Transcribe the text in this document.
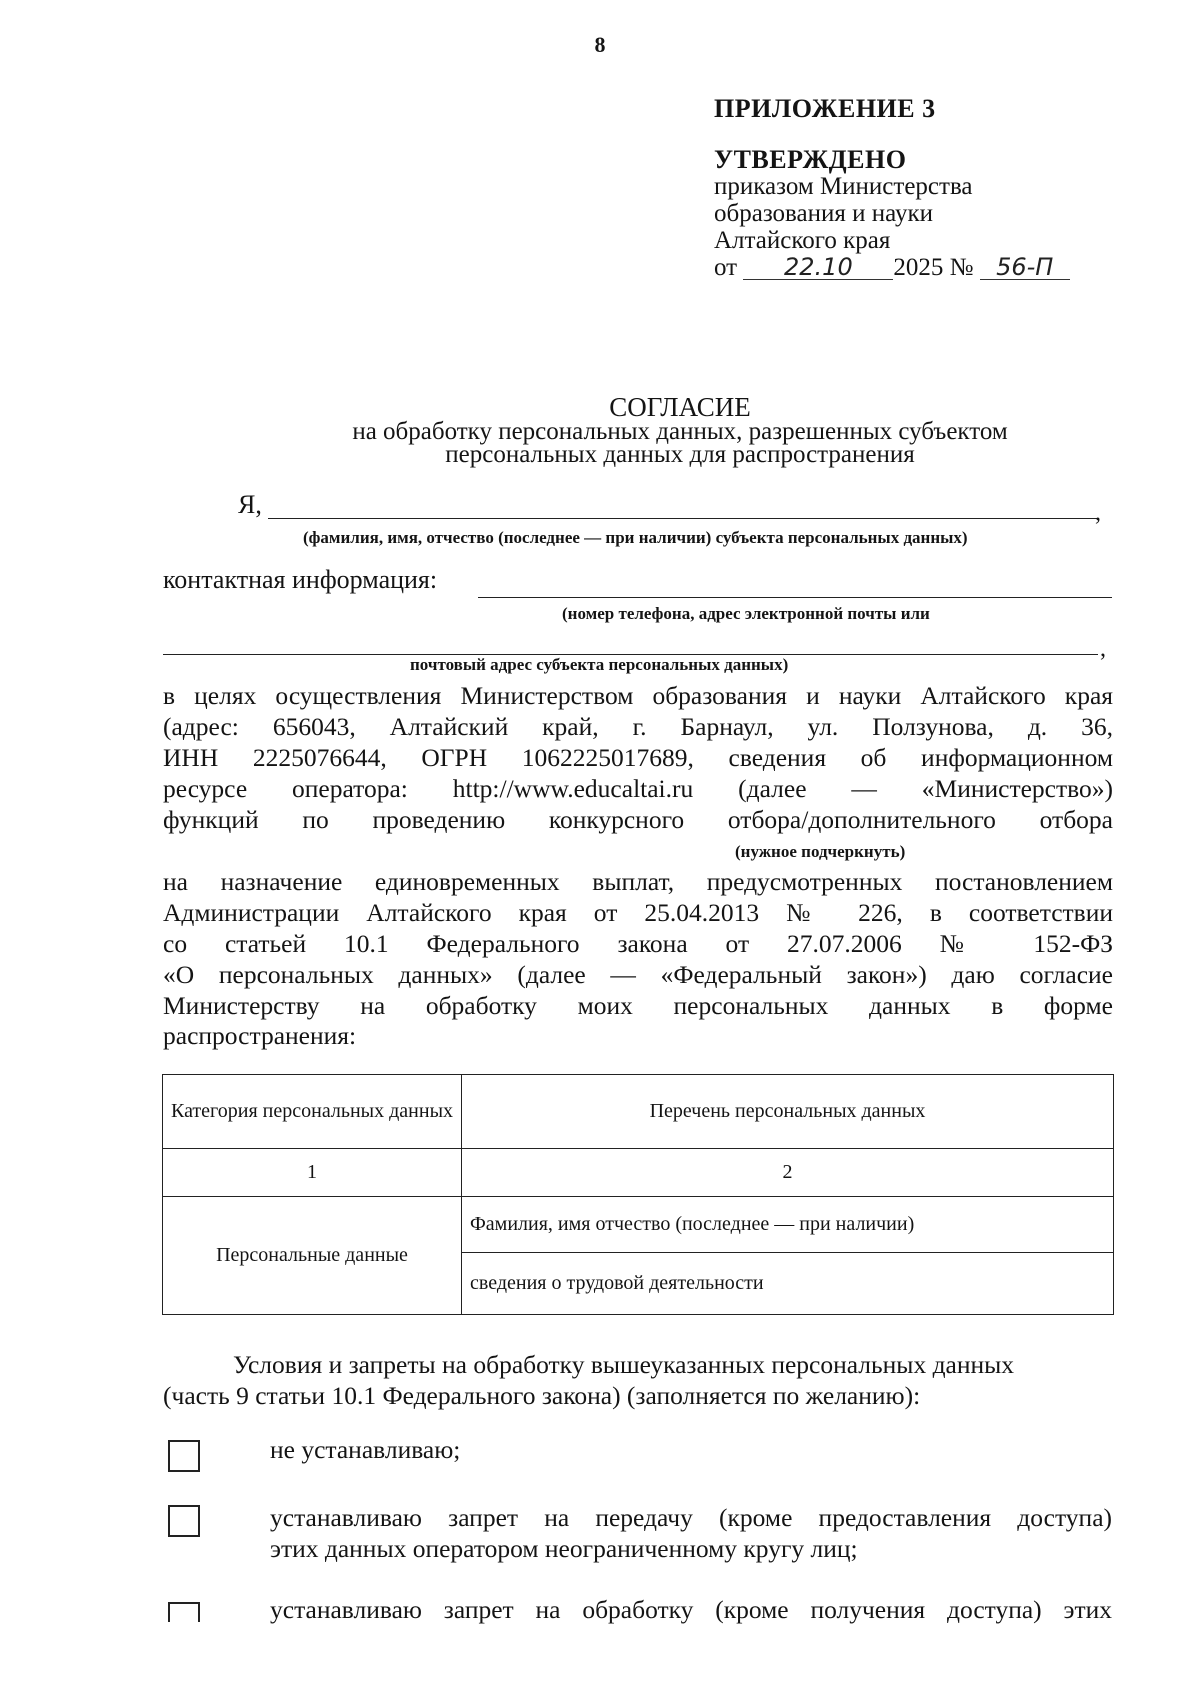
8
ПРИЛОЖЕНИЕ 3
УТВЕРЖДЕНО
приказом Министерства
образования и науки
Алтайского края
от 22.10 2025 № 56-П
СОГЛАСИЕ
на обработку персональных данных, разрешенных субъектом
персональных данных для распространения
Я,	,
(фамилия, имя, отчество (последнее — при наличии) субъекта персональных данных)
контактная информация:
(номер телефона, адрес электронной почты или
,
почтовый адрес субъекта персональных данных)
в целях осуществления Министерством образования и науки Алтайского края
(адрес: 656043, Алтайский край, г. Барнаул, ул. Ползунова, д. 36,
ИНН 2225076644, ОГРН 1062225017689, сведения об информационном
ресурсе оператора: http://www.educaltai.ru (далее — «Министерство»)
функций по проведению конкурсного отбора/дополнительного отбора
(нужное подчеркнуть)
на назначение единовременных выплат, предусмотренных постановлением
Администрации Алтайского края от 25.04.2013 № 226, в соответствии
со статьей 10.1 Федерального закона от 27.07.2006 № 152-ФЗ
«О персональных данных» (далее — «Федеральный закон») даю согласие
Министерству на обработку моих персональных данных в форме
распространения:
Категория персональных данных	Перечень персональных данных
1	2
Персональные данные	Фамилия, имя отчество (последнее — при наличии)
	сведения о трудовой деятельности
Условия и запреты на обработку вышеуказанных персональных данных
(часть 9 статьи 10.1 Федерального закона) (заполняется по желанию):
не устанавливаю;
устанавливаю запрет на передачу (кроме предоставления доступа)
этих данных оператором неограниченному кругу лиц;
устанавливаю запрет на обработку (кроме получения доступа) этих
